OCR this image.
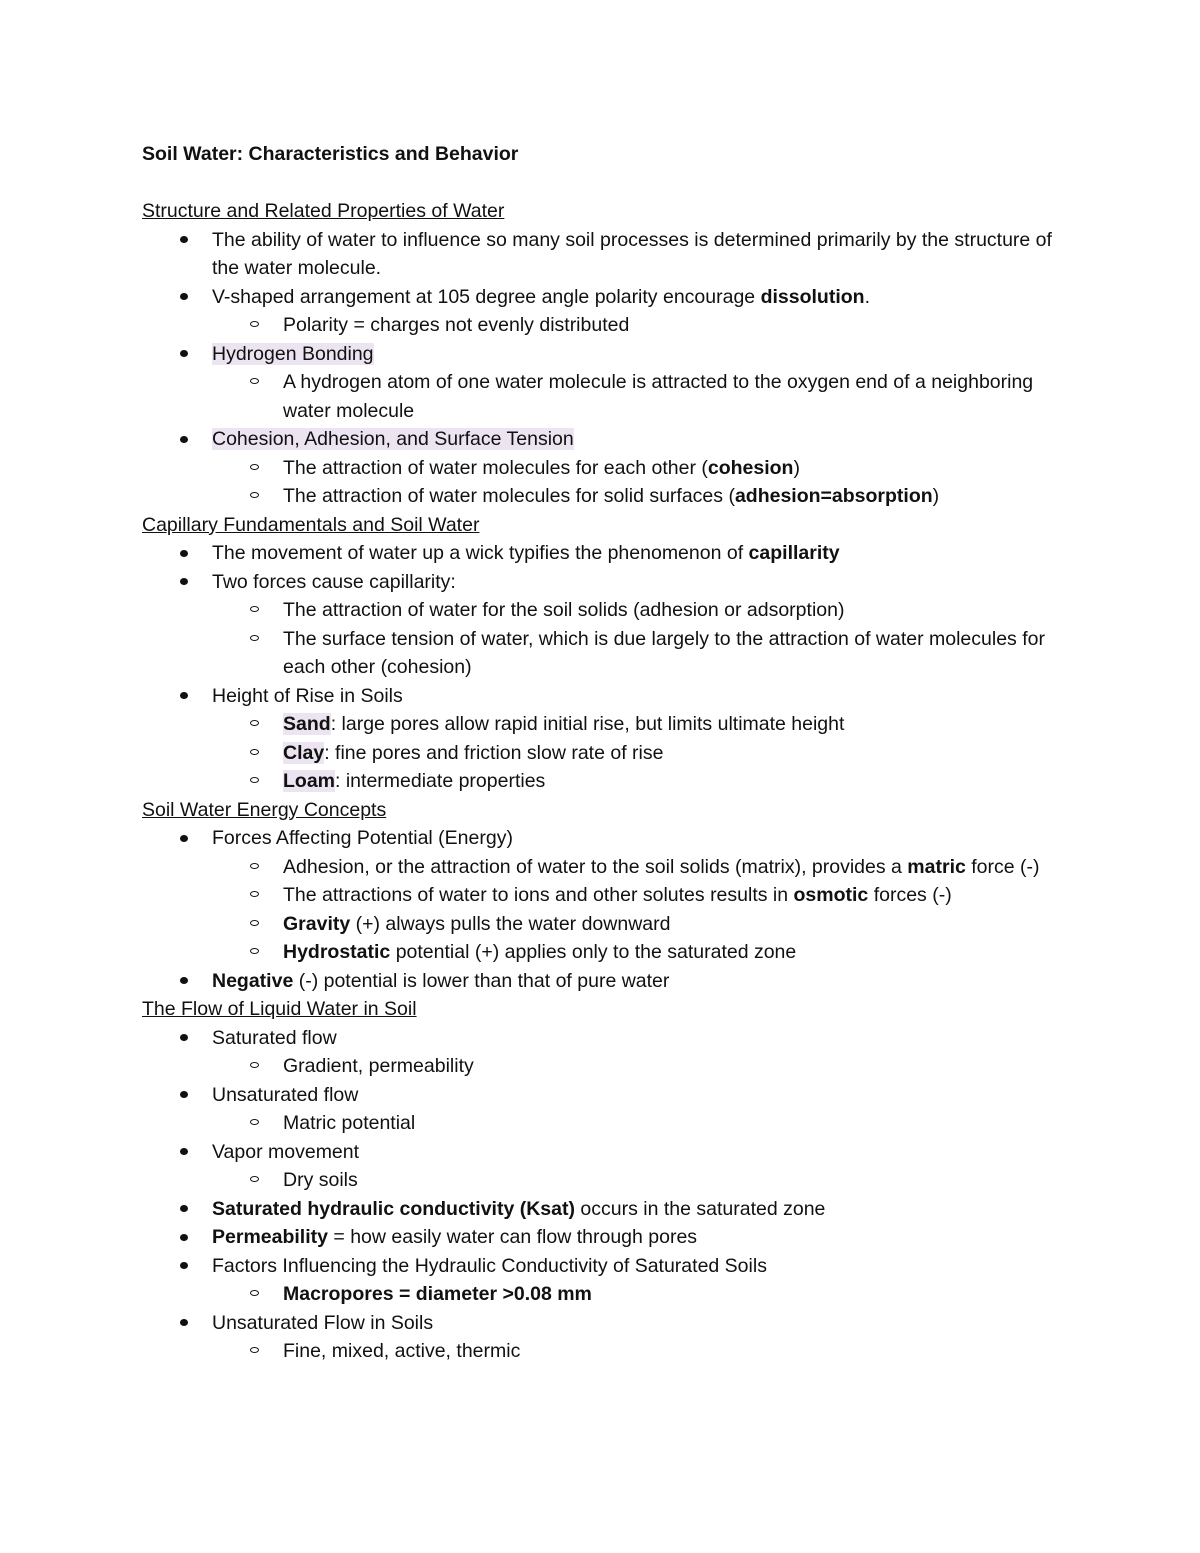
Soil Water: Characteristics and Behavior
Structure and Related Properties of Water
The ability of water to influence so many soil processes is determined primarily by the structure of the water molecule.
V-shaped arrangement at 105 degree angle polarity encourage dissolution.
Polarity = charges not evenly distributed
Hydrogen Bonding
A hydrogen atom of one water molecule is attracted to the oxygen end of a neighboring water molecule
Cohesion, Adhesion, and Surface Tension
The attraction of water molecules for each other (cohesion)
The attraction of water molecules for solid surfaces (adhesion=absorption)
Capillary Fundamentals and Soil Water
The movement of water up a wick typifies the phenomenon of capillarity
Two forces cause capillarity:
The attraction of water for the soil solids (adhesion or adsorption)
The surface tension of water, which is due largely to the attraction of water molecules for each other (cohesion)
Height of Rise in Soils
Sand: large pores allow rapid initial rise, but limits ultimate height
Clay: fine pores and friction slow rate of rise
Loam: intermediate properties
Soil Water Energy Concepts
Forces Affecting Potential (Energy)
Adhesion, or the attraction of water to the soil solids (matrix), provides a matric force (-)
The attractions of water to ions and other solutes results in osmotic forces (-)
Gravity (+) always pulls the water downward
Hydrostatic potential (+) applies only to the saturated zone
Negative (-) potential is lower than that of pure water
The Flow of Liquid Water in Soil
Saturated flow
Gradient, permeability
Unsaturated flow
Matric potential
Vapor movement
Dry soils
Saturated hydraulic conductivity (Ksat) occurs in the saturated zone
Permeability = how easily water can flow through pores
Factors Influencing the Hydraulic Conductivity of Saturated Soils
Macropores = diameter >0.08 mm
Unsaturated Flow in Soils
Fine, mixed, active, thermic
